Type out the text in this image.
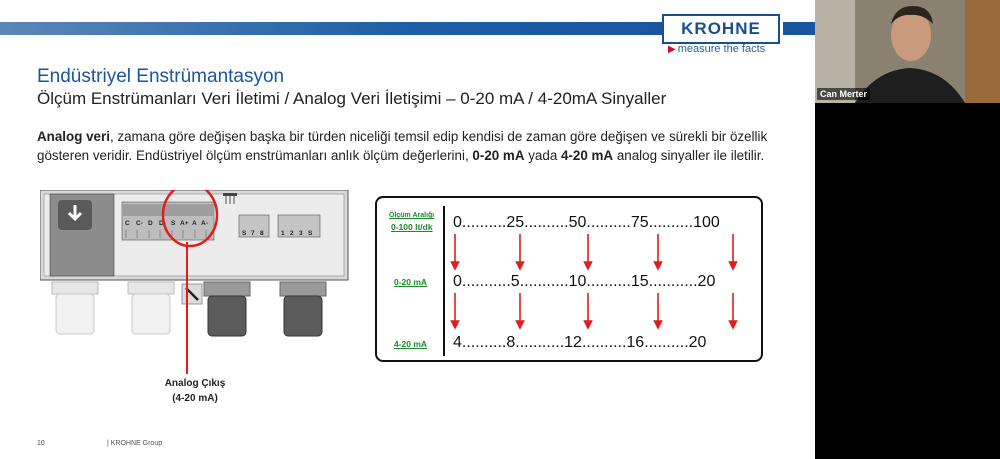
KROHNE
▶ measure the facts
Endüstriyel Enstrümantasyon
Ölçüm Enstrümanları Veri İletimi / Analog Veri İletişimi – 0-20 mA / 4-20mA Sinyaller
Analog veri, zamana göre değişen başka bir türden niceliği temsil edip kendisi de zaman göre değişen ve sürekli bir özellik gösteren veridir. Endüstriyel ölçüm enstrümanları anlık ölçüm değerlerini, 0-20 mA yada 4-20 mA analog sinyaller ile iletilir.
C C- D D- S A+ A A-
S 7 8	1 2 3 S
Analog Çıkış
(4-20 mA)
Ölçüm Aralığı
0-100 lt/dk
0-20 mA
4-20 mA
0..........25..........50..........75..........100
0...........5...........10..........15...........20
4..........8...........12..........16..........20
10	| KROHNE Group
Can Merter
